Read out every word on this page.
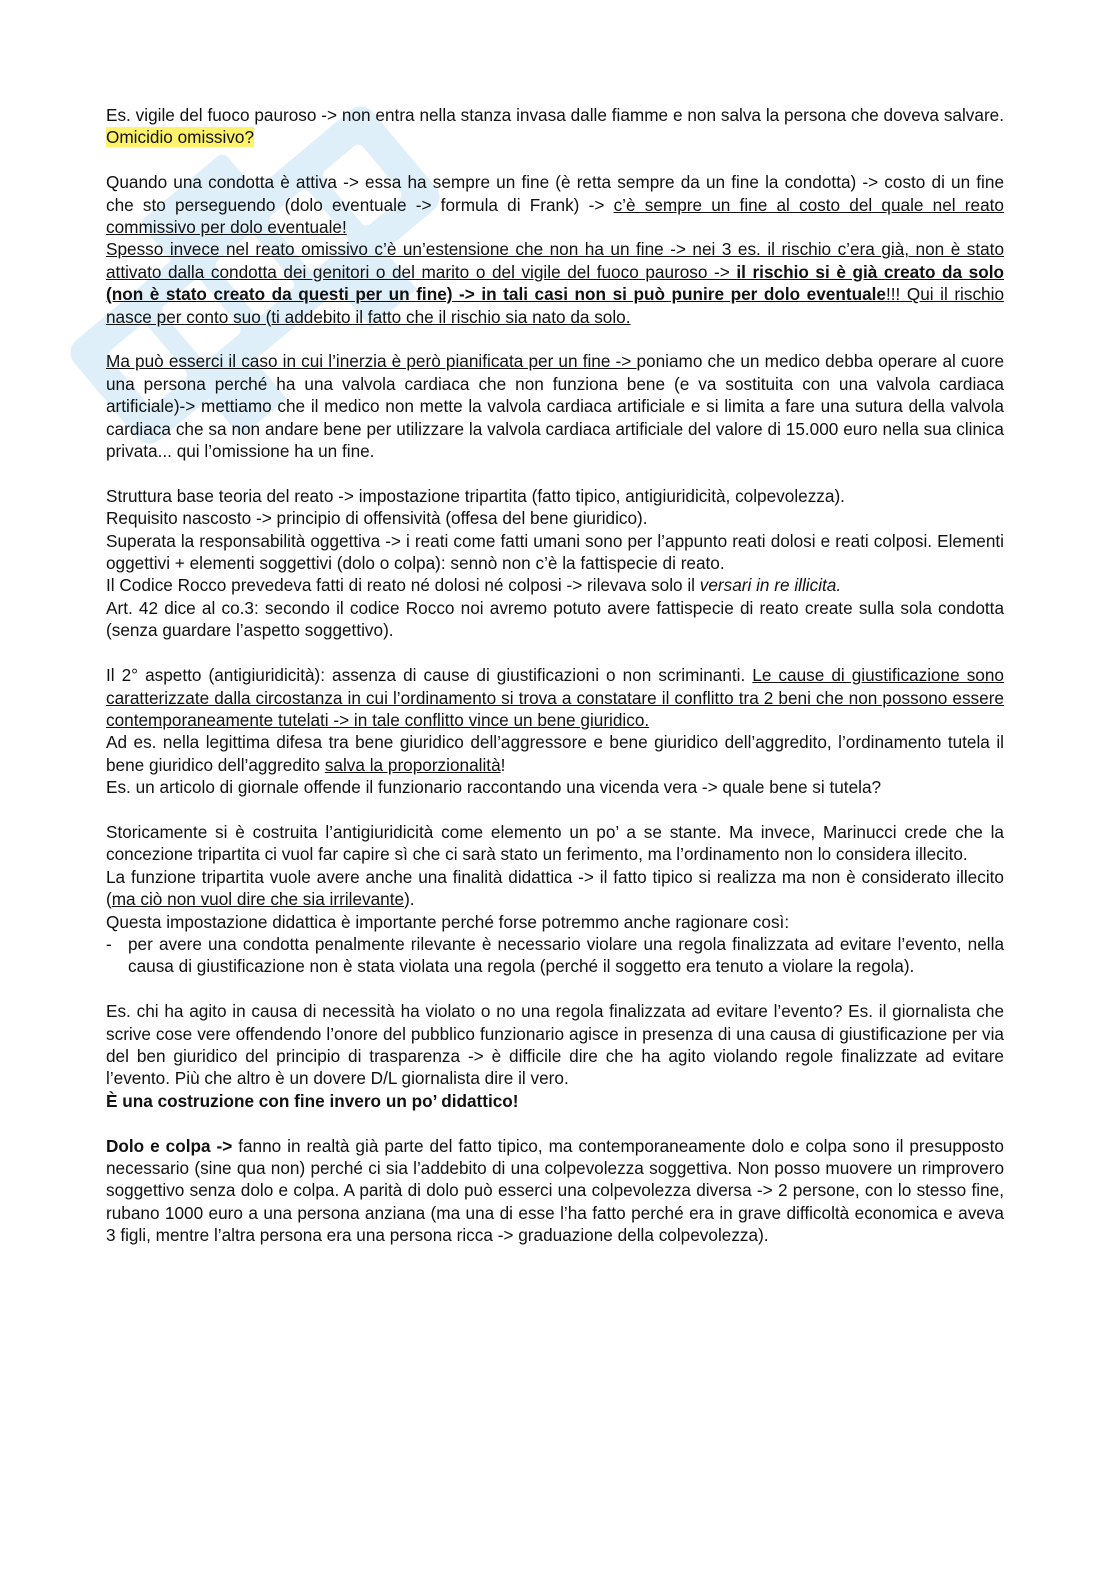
Es. vigile del fuoco pauroso -> non entra nella stanza invasa dalle fiamme e non salva la persona che doveva salvare. Omicidio omissivo?

Quando una condotta è attiva -> essa ha sempre un fine (è retta sempre da un fine la condotta) -> costo di un fine che sto perseguendo (dolo eventuale -> formula di Frank) -> c’è sempre un fine al costo del quale nel reato commissivo per dolo eventuale!
Spesso invece nel reato omissivo c’è un’estensione che non ha un fine -> nei 3 es. il rischio c’era già, non è stato attivato dalla condotta dei genitori o del marito o del vigile del fuoco pauroso -> il rischio si è già creato da solo (non è stato creato da questi per un fine) -> in tali casi non si può punire per dolo eventuale!!! Qui il rischio nasce per conto suo (ti addebito il fatto che il rischio sia nato da solo.

Ma può esserci il caso in cui l’inerzia è però pianificata per un fine -> poniamo che un medico debba operare al cuore una persona perché ha una valvola cardiaca che non funziona bene (e va sostituita con una valvola cardiaca artificiale)-> mettiamo che il medico non mette la valvola cardiaca artificiale e si limita a fare una sutura della valvola cardiaca che sa non andare bene per utilizzare la valvola cardiaca artificiale del valore di 15.000 euro nella sua clinica privata... qui l’omissione ha un fine.

Struttura base teoria del reato -> impostazione tripartita (fatto tipico, antigiuridicità, colpevolezza).
Requisito nascosto -> principio di offensività (offesa del bene giuridico).
Superata la responsabilità oggettiva -> i reati come fatti umani sono per l’appunto reati dolosi e reati colposi. Elementi oggettivi + elementi soggettivi (dolo o colpa): sennò non c’è la fattispecie di reato.
Il Codice Rocco prevedeva fatti di reato né dolosi né colposi -> rilevava solo il versari in re illicita.
Art. 42 dice al co.3: secondo il codice Rocco noi avremo potuto avere fattispecie di reato create sulla sola condotta (senza guardare l’aspetto soggettivo).

Il 2° aspetto (antigiuridicità): assenza di cause di giustificazioni o non scriminanti. Le cause di giustificazione sono caratterizzate dalla circostanza in cui l’ordinamento si trova a constatare il conflitto tra 2 beni che non possono essere contemporaneamente tutelati -> in tale conflitto vince un bene giuridico.
Ad es. nella legittima difesa tra bene giuridico dell’aggressore e bene giuridico dell’aggredito, l’ordinamento tutela il bene giuridico dell’aggredito salva la proporzionalità!
Es. un articolo di giornale offende il funzionario raccontando una vicenda vera -> quale bene si tutela?

Storicamente si è costruita l’antigiuridicità come elemento un po’ a se stante. Ma invece, Marinucci crede che la concezione tripartita ci vuol far capire sì che ci sarà stato un ferimento, ma l’ordinamento non lo considera illecito.
La funzione tripartita vuole avere anche una finalità didattica -> il fatto tipico si realizza ma non è considerato illecito (ma ciò non vuol dire che sia irrilevante).
Questa impostazione didattica è importante perché forse potremmo anche ragionare così:

- per avere una condotta penalmente rilevante è necessario violare una regola finalizzata ad evitare l’evento, nella causa di giustificazione non è stata violata una regola (perché il soggetto era tenuto a violare la regola).

Es. chi ha agito in causa di necessità ha violato o no una regola finalizzata ad evitare l’evento? Es. il giornalista che scrive cose vere offendendo l’onore del pubblico funzionario agisce in presenza di una causa di giustificazione per via del ben giuridico del principio di trasparenza -> è difficile dire che ha agito violando regole finalizzate ad evitare l’evento. Più che altro è un dovere D/L giornalista dire il vero.
È una costruzione con fine invero un po’ didattico!

Dolo e colpa -> fanno in realtà già parte del fatto tipico, ma contemporaneamente dolo e colpa sono il presupposto necessario (sine qua non) perché ci sia l’addebito di una colpevolezza soggettiva. Non posso muovere un rimprovero soggettivo senza dolo e colpa. A parità di dolo può esserci una colpevolezza diversa -> 2 persone, con lo stesso fine, rubano 1000 euro a una persona anziana (ma una di esse l’ha fatto perché era in grave difficoltà economica e aveva 3 figli, mentre l’altra persona era una persona ricca -> graduazione della colpevolezza).
